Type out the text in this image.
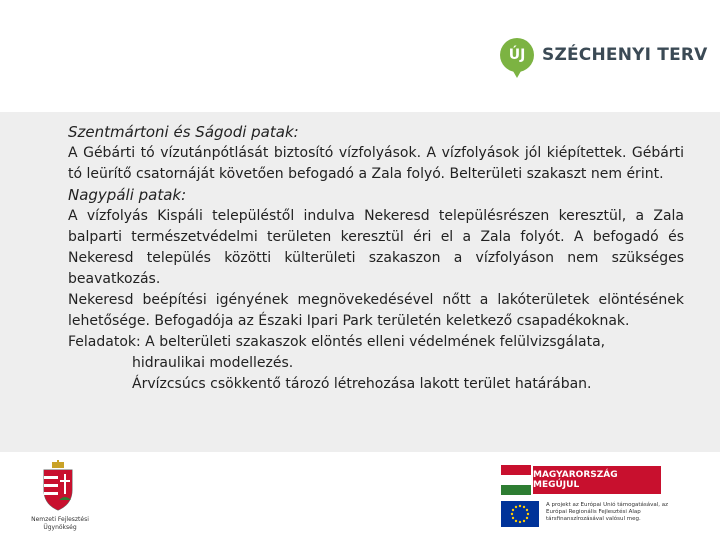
ÚJ SZÉCHENYI TERV

Szentmártoni és Ságodi patak:

A Gébárti tó vízutánpótlását biztosító vízfolyások. A vízfolyások jól kiépítettek. Gébárti tó leürítő csatornáját követően befogadó a Zala folyó. Belterületi szakaszt nem érint.

Nagypáli patak:

A vízfolyás Kispáli településtől indulva Nekeresd településrészen keresztül, a Zala balparti természetvédelmi területen keresztül éri el a Zala folyót. A befogadó és Nekeresd település közötti külterületi szakaszon a vízfolyáson nem szükséges beavatkozás.

Nekeresd beépítési igényének megnövekedésével nőtt a lakóterületek elöntésének lehetősége. Befogadója az Északi Ipari Park területén keletkező csapadékoknak.

Feladatok: A belterületi szakaszok elöntés elleni védelmének felülvizsgálata,

hidraulikai modellezés.

Árvízcsúcs csökkentő tározó létrehozása lakott terület határában.

Nemzeti Fejlesztési Ügynökség
MAGYARORSZÁG MEGÚJUL
A projekt az Európai Unió támogatásával, az Európai Regionális Fejlesztési Alap társfinanszírozásával valósul meg.
